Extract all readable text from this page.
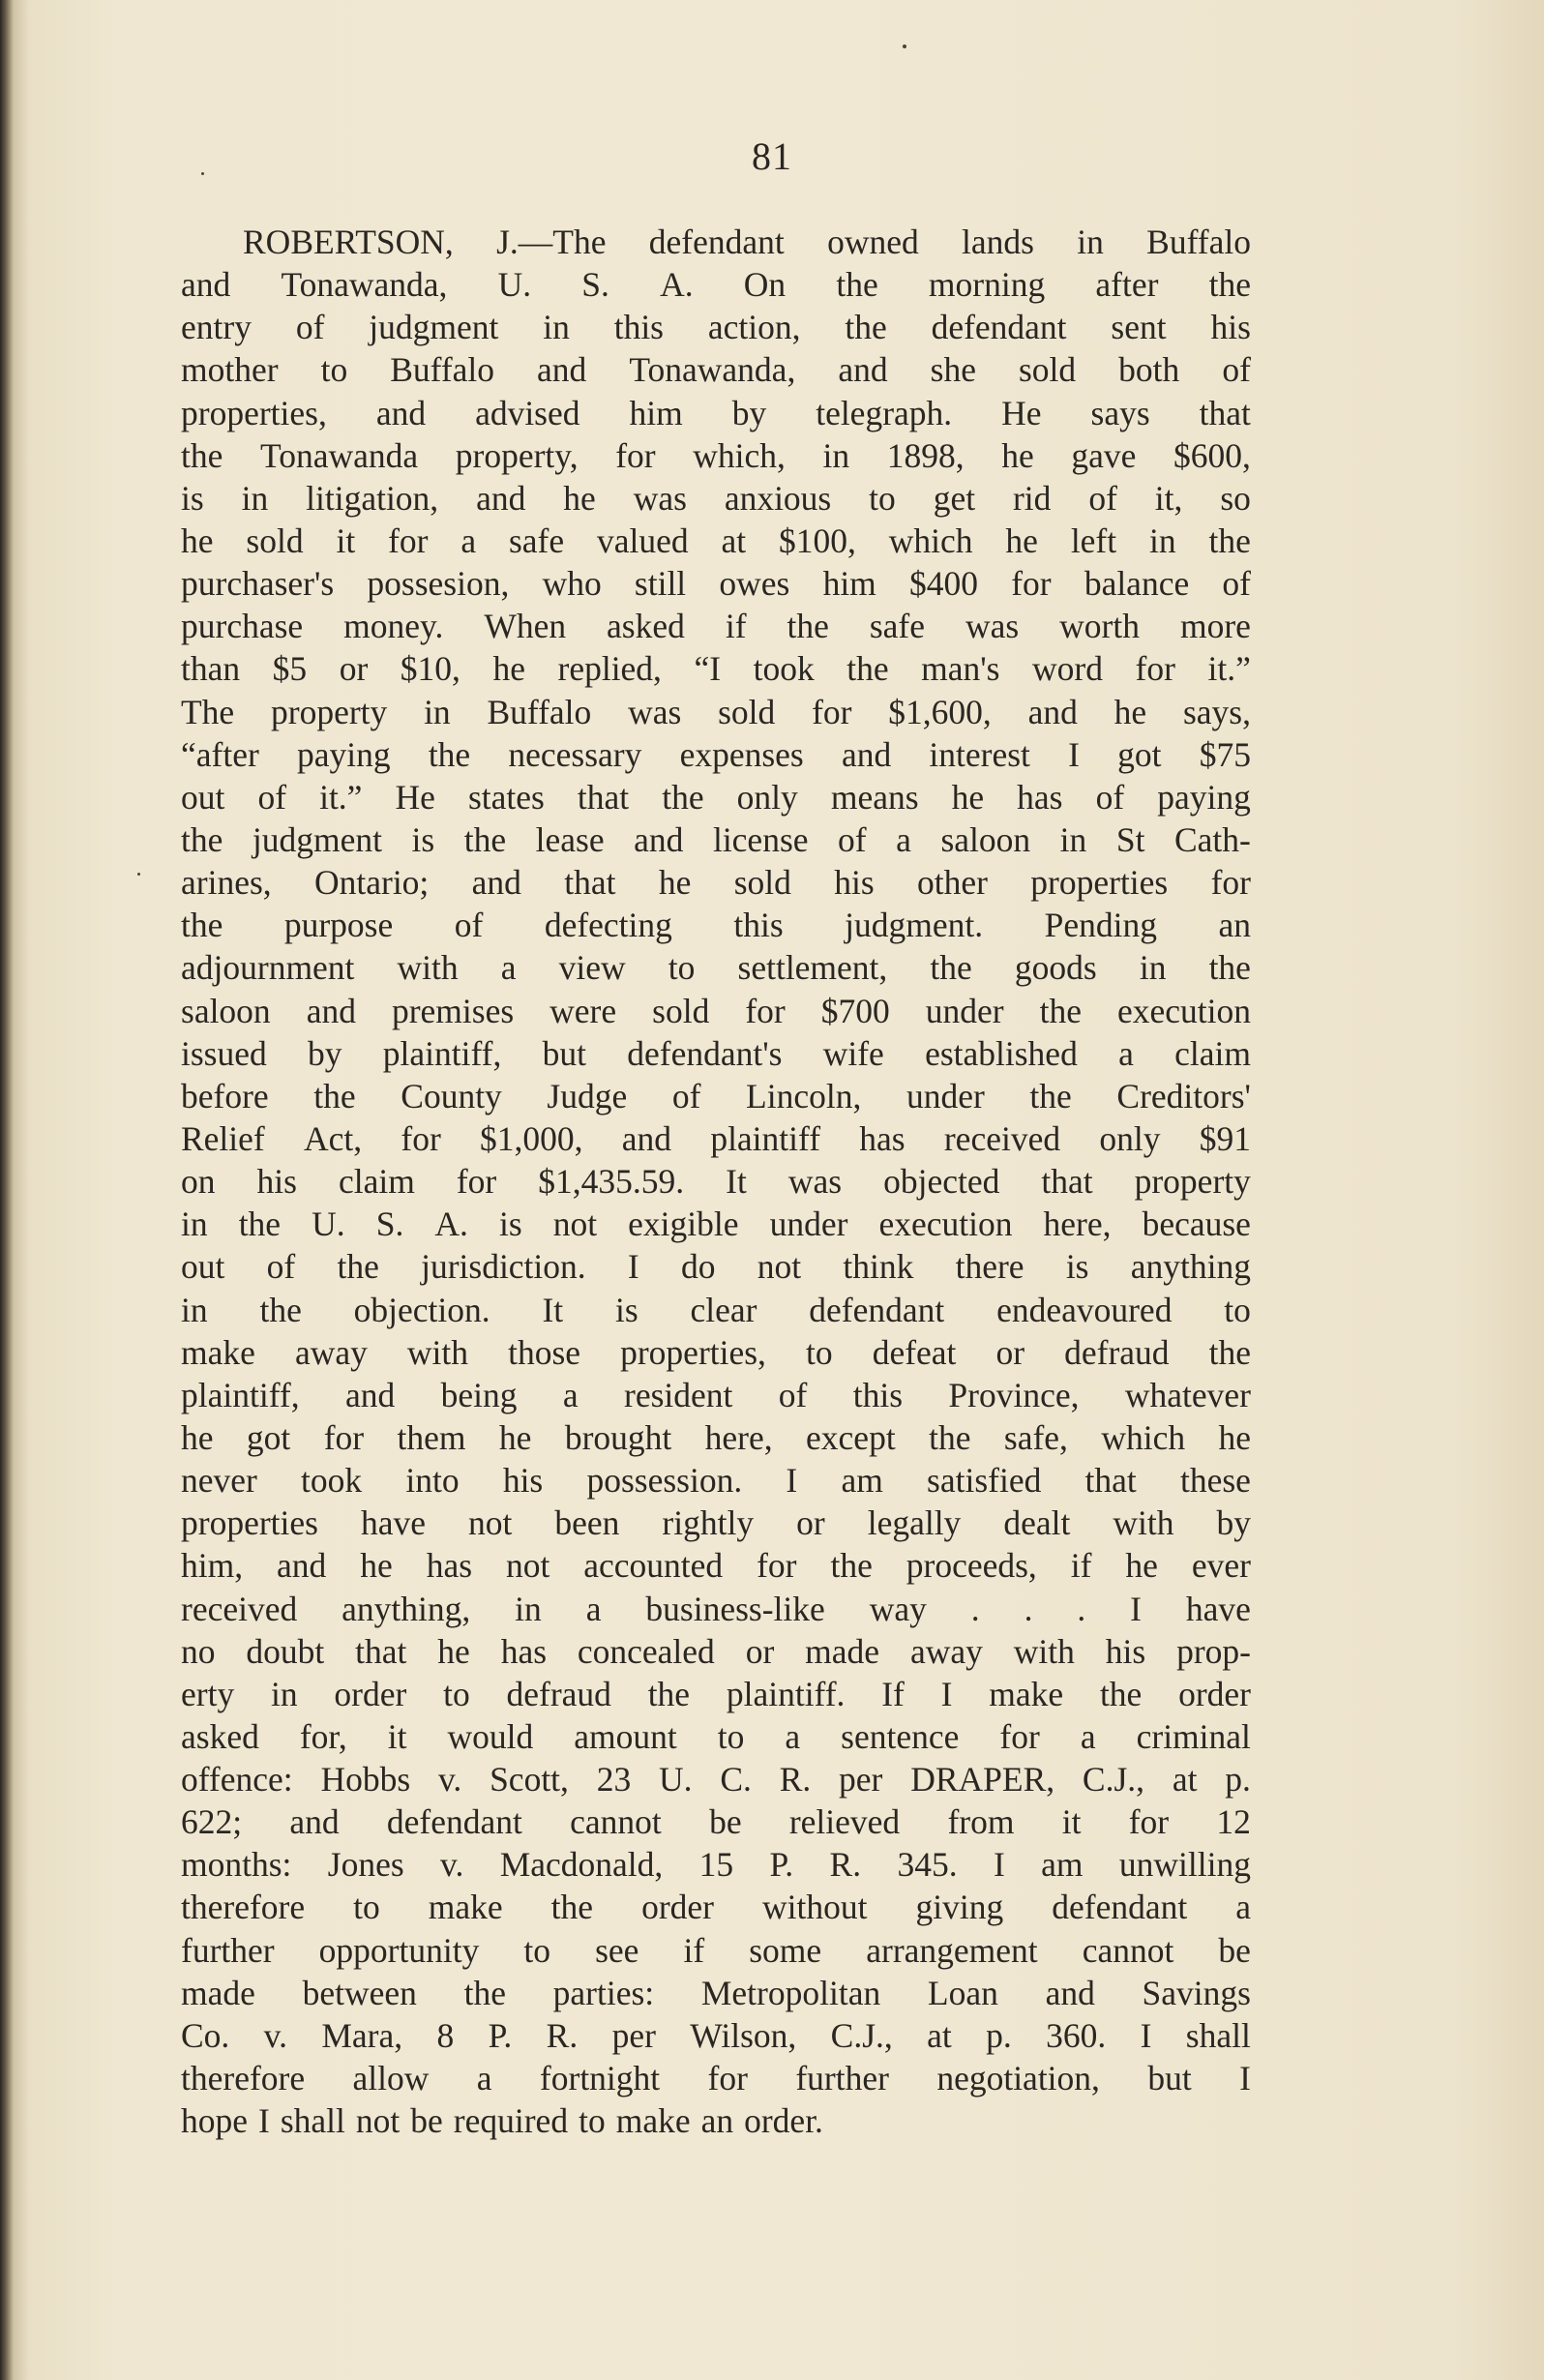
81
ROBERTSON, J.—The defendant owned lands in Buffalo
and Tonawanda, U. S. A. On the morning after the
entry of judgment in this action, the defendant sent his
mother to Buffalo and Tonawanda, and she sold both of
properties, and advised him by telegraph. He says that
the Tonawanda property, for which, in 1898, he gave $600,
is in litigation, and he was anxious to get rid of it, so
he sold it for a safe valued at $100, which he left in the
purchaser's possesion, who still owes him $400 for balance of
purchase money. When asked if the safe was worth more
than $5 or $10, he replied, “I took the man's word for it.”
The property in Buffalo was sold for $1,600, and he says,
“after paying the necessary expenses and interest I got $75
out of it.” He states that the only means he has of paying
the judgment is the lease and license of a saloon in St Cath-
arines, Ontario; and that he sold his other properties for
the purpose of defecting this judgment. Pending an
adjournment with a view to settlement, the goods in the
saloon and premises were sold for $700 under the execution
issued by plaintiff, but defendant's wife established a claim
before the County Judge of Lincoln, under the Creditors'
Relief Act, for $1,000, and plaintiff has received only $91
on his claim for $1,435.59. It was objected that property
in the U. S. A. is not exigible under execution here, because
out of the jurisdiction. I do not think there is anything
in the objection. It is clear defendant endeavoured to
make away with those properties, to defeat or defraud the
plaintiff, and being a resident of this Province, whatever
he got for them he brought here, except the safe, which he
never took into his possession. I am satisfied that these
properties have not been rightly or legally dealt with by
him, and he has not accounted for the proceeds, if he ever
received anything, in a business-like way . . . I have
no doubt that he has concealed or made away with his prop-
erty in order to defraud the plaintiff. If I make the order
asked for, it would amount to a sentence for a criminal
offence: Hobbs v. Scott, 23 U. C. R. per DRAPER, C.J., at p.
622; and defendant cannot be relieved from it for 12
months: Jones v. Macdonald, 15 P. R. 345. I am unwilling
therefore to make the order without giving defendant a
further opportunity to see if some arrangement cannot be
made between the parties: Metropolitan Loan and Savings
Co. v. Mara, 8 P. R. per Wilson, C.J., at p. 360. I shall
therefore allow a fortnight for further negotiation, but I
hope I shall not be required to make an order.
